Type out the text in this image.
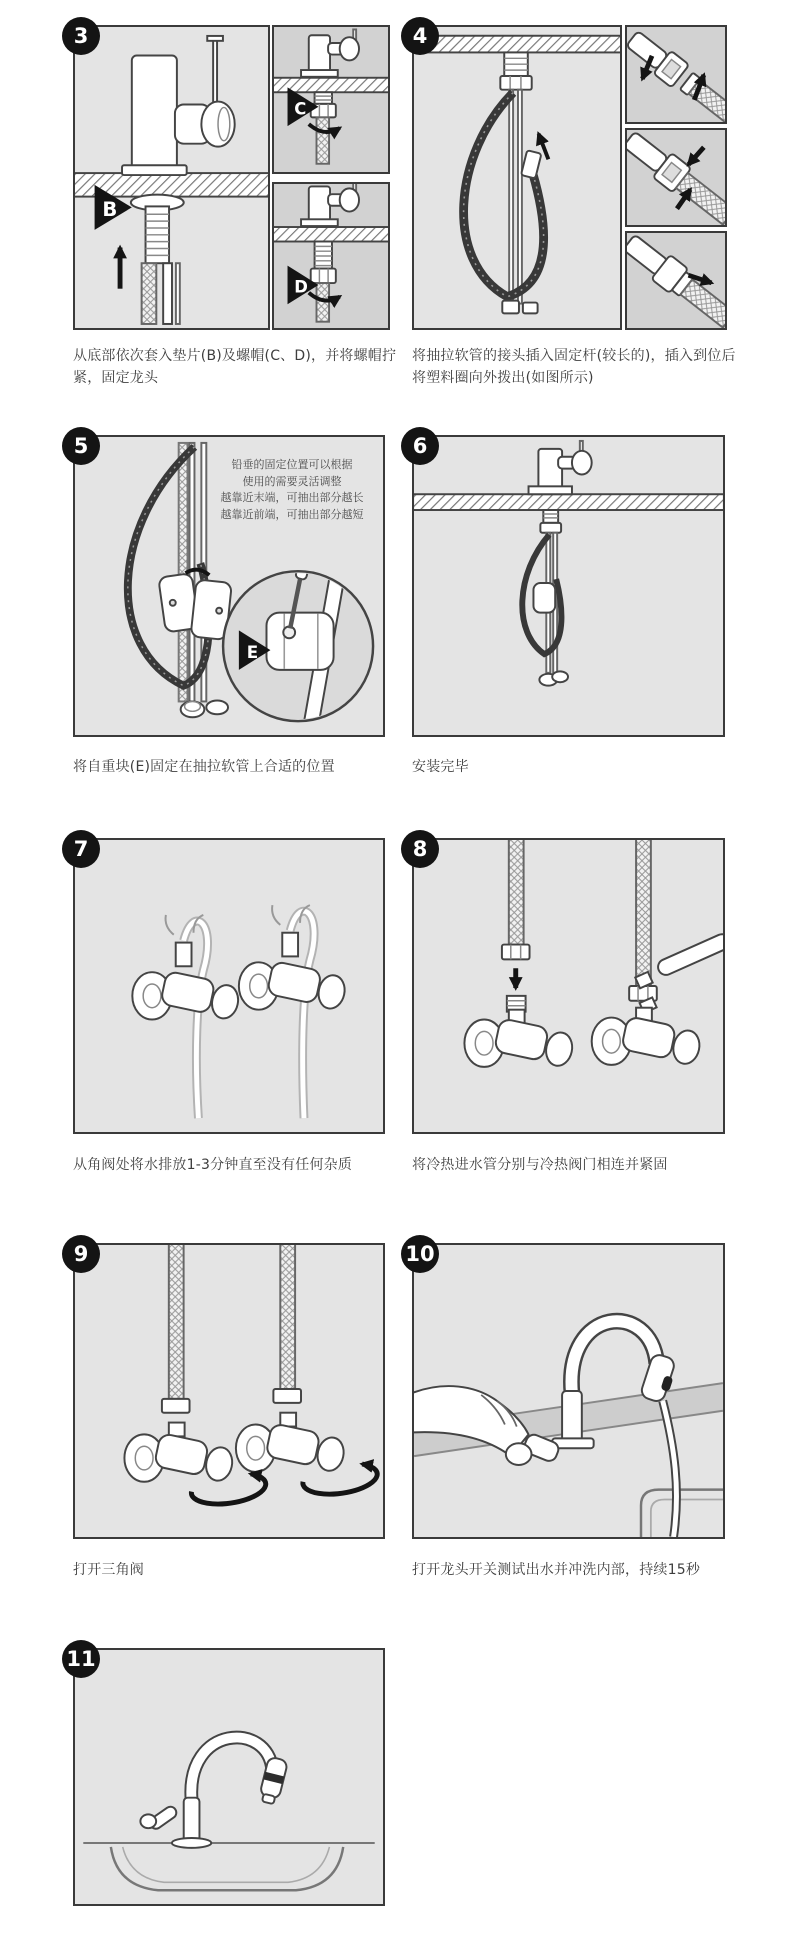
3
B
C
D
4
从底部依次套入垫片(B)及螺帽(C、D)，并将螺帽拧紧，固定龙头
将抽拉软管的接头插入固定杆(较长的)，插入到位后将塑料圈向外拨出(如图所示)
5
铅垂的固定位置可以根据
使用的需要灵活调整
越靠近末端，可抽出部分越长
越靠近前端，可抽出部分越短
E
6
将自重块(E)固定在抽拉软管上合适的位置	安装完毕
7	8
从角阀处将水排放1-3分钟直至没有任何杂质	将冷热进水管分别与冷热阀门相连并紧固
9	10
打开三角阀	打开龙头开关测试出水并冲洗内部，持续15秒
11
